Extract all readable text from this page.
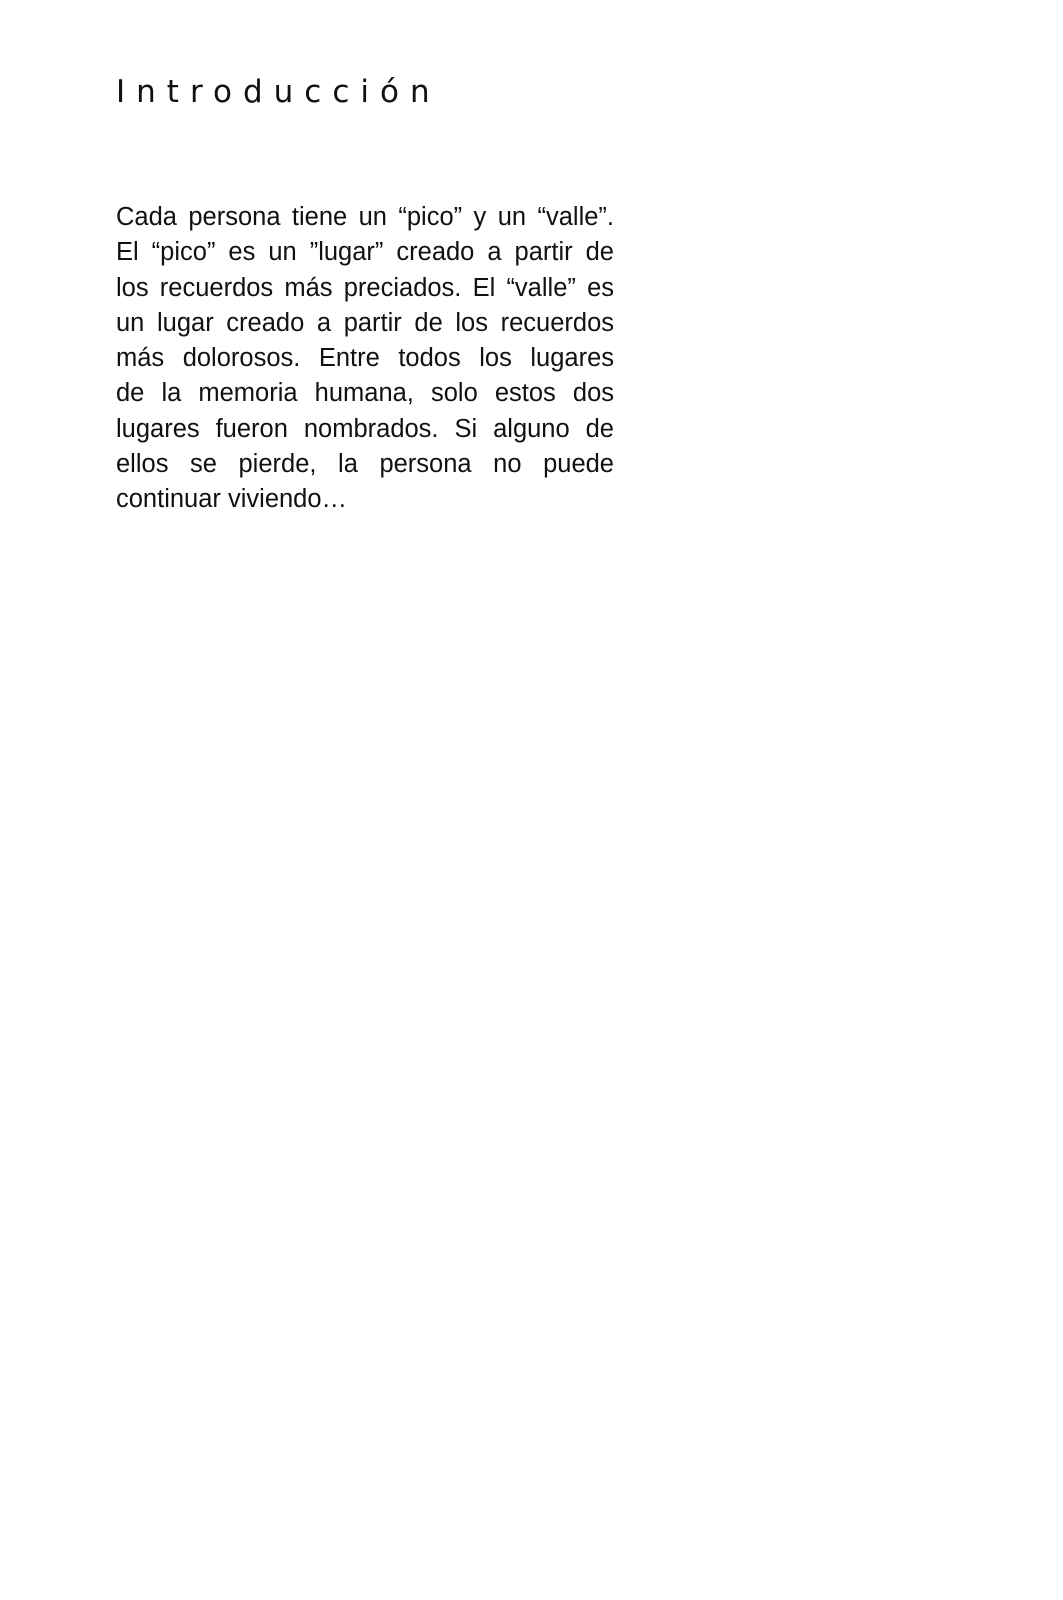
Introducción
Cada persona tiene un “pico” y un “valle”.
El “pico” es un ”lugar” creado a partir de
los recuerdos más preciados. El “valle” es
un lugar creado a partir de los recuerdos
más dolorosos. Entre todos los lugares
de la memoria humana, solo estos dos
lugares fueron nombrados. Si alguno de
ellos se pierde, la persona no puede
continuar viviendo…
